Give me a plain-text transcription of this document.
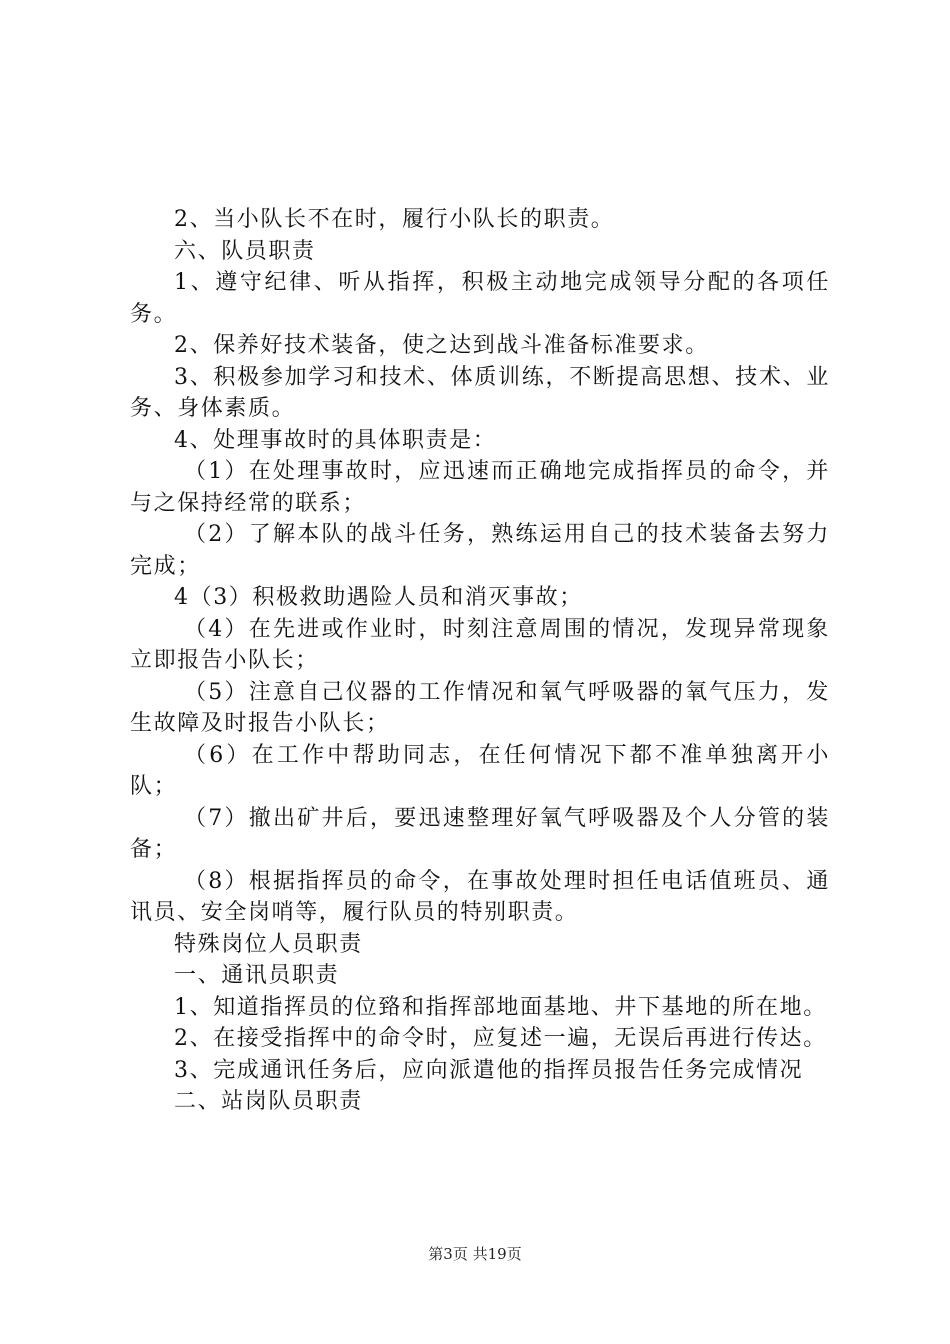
2、当小队长不在时，履行小队长的职责。

六、队员职责

1、遵守纪律、听从指挥，积极主动地完成领导分配的各项任务。

2、保养好技术装备，使之达到战斗准备标准要求。

3、积极参加学习和技术、体质训练，不断提高思想、技术、业务、身体素质。

4、处理事故时的具体职责是：

（1）在处理事故时，应迅速而正确地完成指挥员的命令，并与之保持经常的联系；

（2）了解本队的战斗任务，熟练运用自己的技术装备去努力完成；

4（3）积极救助遇险人员和消灭事故；

（4）在先进或作业时，时刻注意周围的情况，发现异常现象立即报告小队长；

（5）注意自己仪器的工作情况和氧气呼吸器的氧气压力，发生故障及时报告小队长；

（6）在工作中帮助同志，在任何情况下都不准单独离开小队；

（7）撤出矿井后，要迅速整理好氧气呼吸器及个人分管的装备；

（8）根据指挥员的命令，在事故处理时担任电话值班员、通讯员、安全岗哨等，履行队员的特别职责。

特殊岗位人员职责

一、通讯员职责

1、知道指挥员的位臵和指挥部地面基地、井下基地的所在地。

2、在接受指挥中的命令时，应复述一遍，无误后再进行传达。

3、完成通讯任务后，应向派遣他的指挥员报告任务完成情况

二、站岗队员职责

第3页 共19页
